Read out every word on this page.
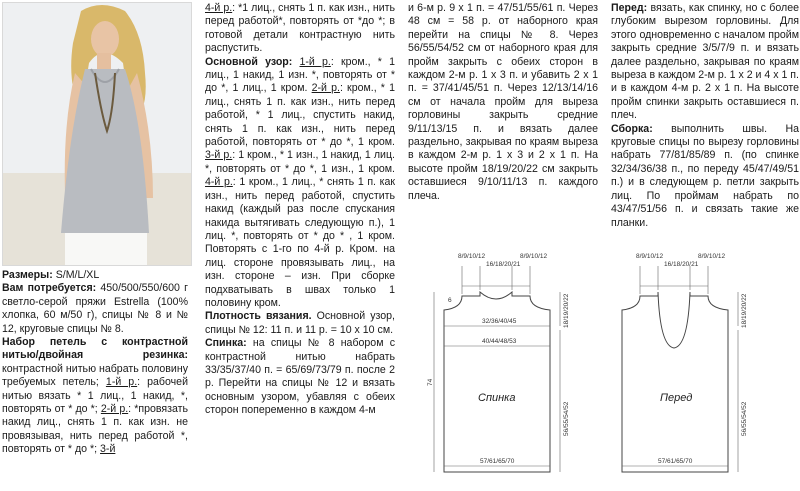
Размеры: S/M/L/XL

Вам потребуется: 450/500/550/600 г светло-серой пряжи Estrella (100% хлопка, 60 м/50 г), спицы № 8 и № 12, круговые спицы № 8.

Набор петель с контрастной нитью/двойная резинка: контрастной нитью набрать половину требуемых петель; 1-й р.: рабочей нитью вязать * 1 лиц., 1 накид, *, повторять от * до *; 2-й р.: *провязать накид лиц., снять 1 п. как изн. не провязывая, нить перед работой *, повторять от * до *; 3-й

4-й р.: *1 лиц., снять 1 п. как изн., нить перед работой*, повторять от *до *; в готовой детали контрастную нить распустить.

Основной узор: 1-й р.: кром., * 1 лиц., 1 накид, 1 изн. *, повторять от * до *, 1 лиц., 1 кром. 2-й р.: кром., * 1 лиц., снять 1 п. как изн., нить перед работой, * 1 лиц., спустить накид, снять 1 п. как изн., нить перед работой, повторять от * до *, 1 кром. 3-й р.: 1 кром., * 1 изн., 1 накид, 1 лиц. *, повторять от * до *, 1 изн., 1 кром. 4-й р.: 1 кром., 1 лиц., * снять 1 п. как изн., нить перед работой, спустить накид (каждый раз после спускания накида вытягивать следующую п.), 1 лиц. *, повторять от * до * , 1 кром. Повторять с 1-го по 4-й р. Кром. на лиц. стороне провязывать лиц., на изн. стороне – изн. При сборке подхватывать в швах только 1 половину кром.

Плотность вязания. Основной узор, спицы № 12: 11 п. и 11 р. = 10 х 10 см.

Спинка: на спицы № 8 набором с контрастной нитью набрать 33/35/37/40 п. = 65/69/73/79 п. после 2 р. Перейти на спицы № 12 и вязать основным узором, убавляя с обеих сторон попеременно в каждом 4-м

и 6-м р. 9 х 1 п. = 47/51/55/61 п. Через 48 см = 58 р. от наборного края перейти на спицы № 8. Через 56/55/54/52 см от наборного края для пройм закрыть с обеих сторон в каждом 2-м р. 1 х 3 п. и убавить 2 х 1 п. = 37/41/45/51 п. Через 12/13/14/16 см от начала пройм для выреза горловины закрыть средние 9/11/13/15 п. и вязать далее раздельно, закрывая по краям выреза в каждом 2-м р. 1 х 3 и 2 х 1 п. На высоте пройм 18/19/20/22 см закрыть оставшиеся 9/10/11/13 п. каждого плеча.

Перед: вязать, как спинку, но с более глубоким вырезом горловины. Для этого одновременно с началом пройм закрыть средние 3/5/7/9 п. и вязать далее раздельно, закрывая по краям выреза в каждом 2-м р. 1 х 2 и 4 х 1 п. и в каждом 4-м р. 2 х 1 п. На высоте пройм спинки закрыть оставшиеся п. плеч.

Сборка: выполнить швы. На круговые спицы по вырезу горловины набрать 77/81/85/89 п. (по спинке 32/34/36/38 п., по переду 45/47/49/51 п.) и в следующем р. петли закрыть лиц. По проймам набрать по 43/47/51/56 п. и связать такие же планки.

8/9/10/12
16/18/20/21
8/9/10/12
6
32/36/40/45
40/44/48/53
57/61/65/70
Спинка
74
18/19/20/22
56/55/54/52
8/9/10/12
16/18/20/21
8/9/10/12
57/61/65/70
Перед
18/19/20/22
56/55/54/52
